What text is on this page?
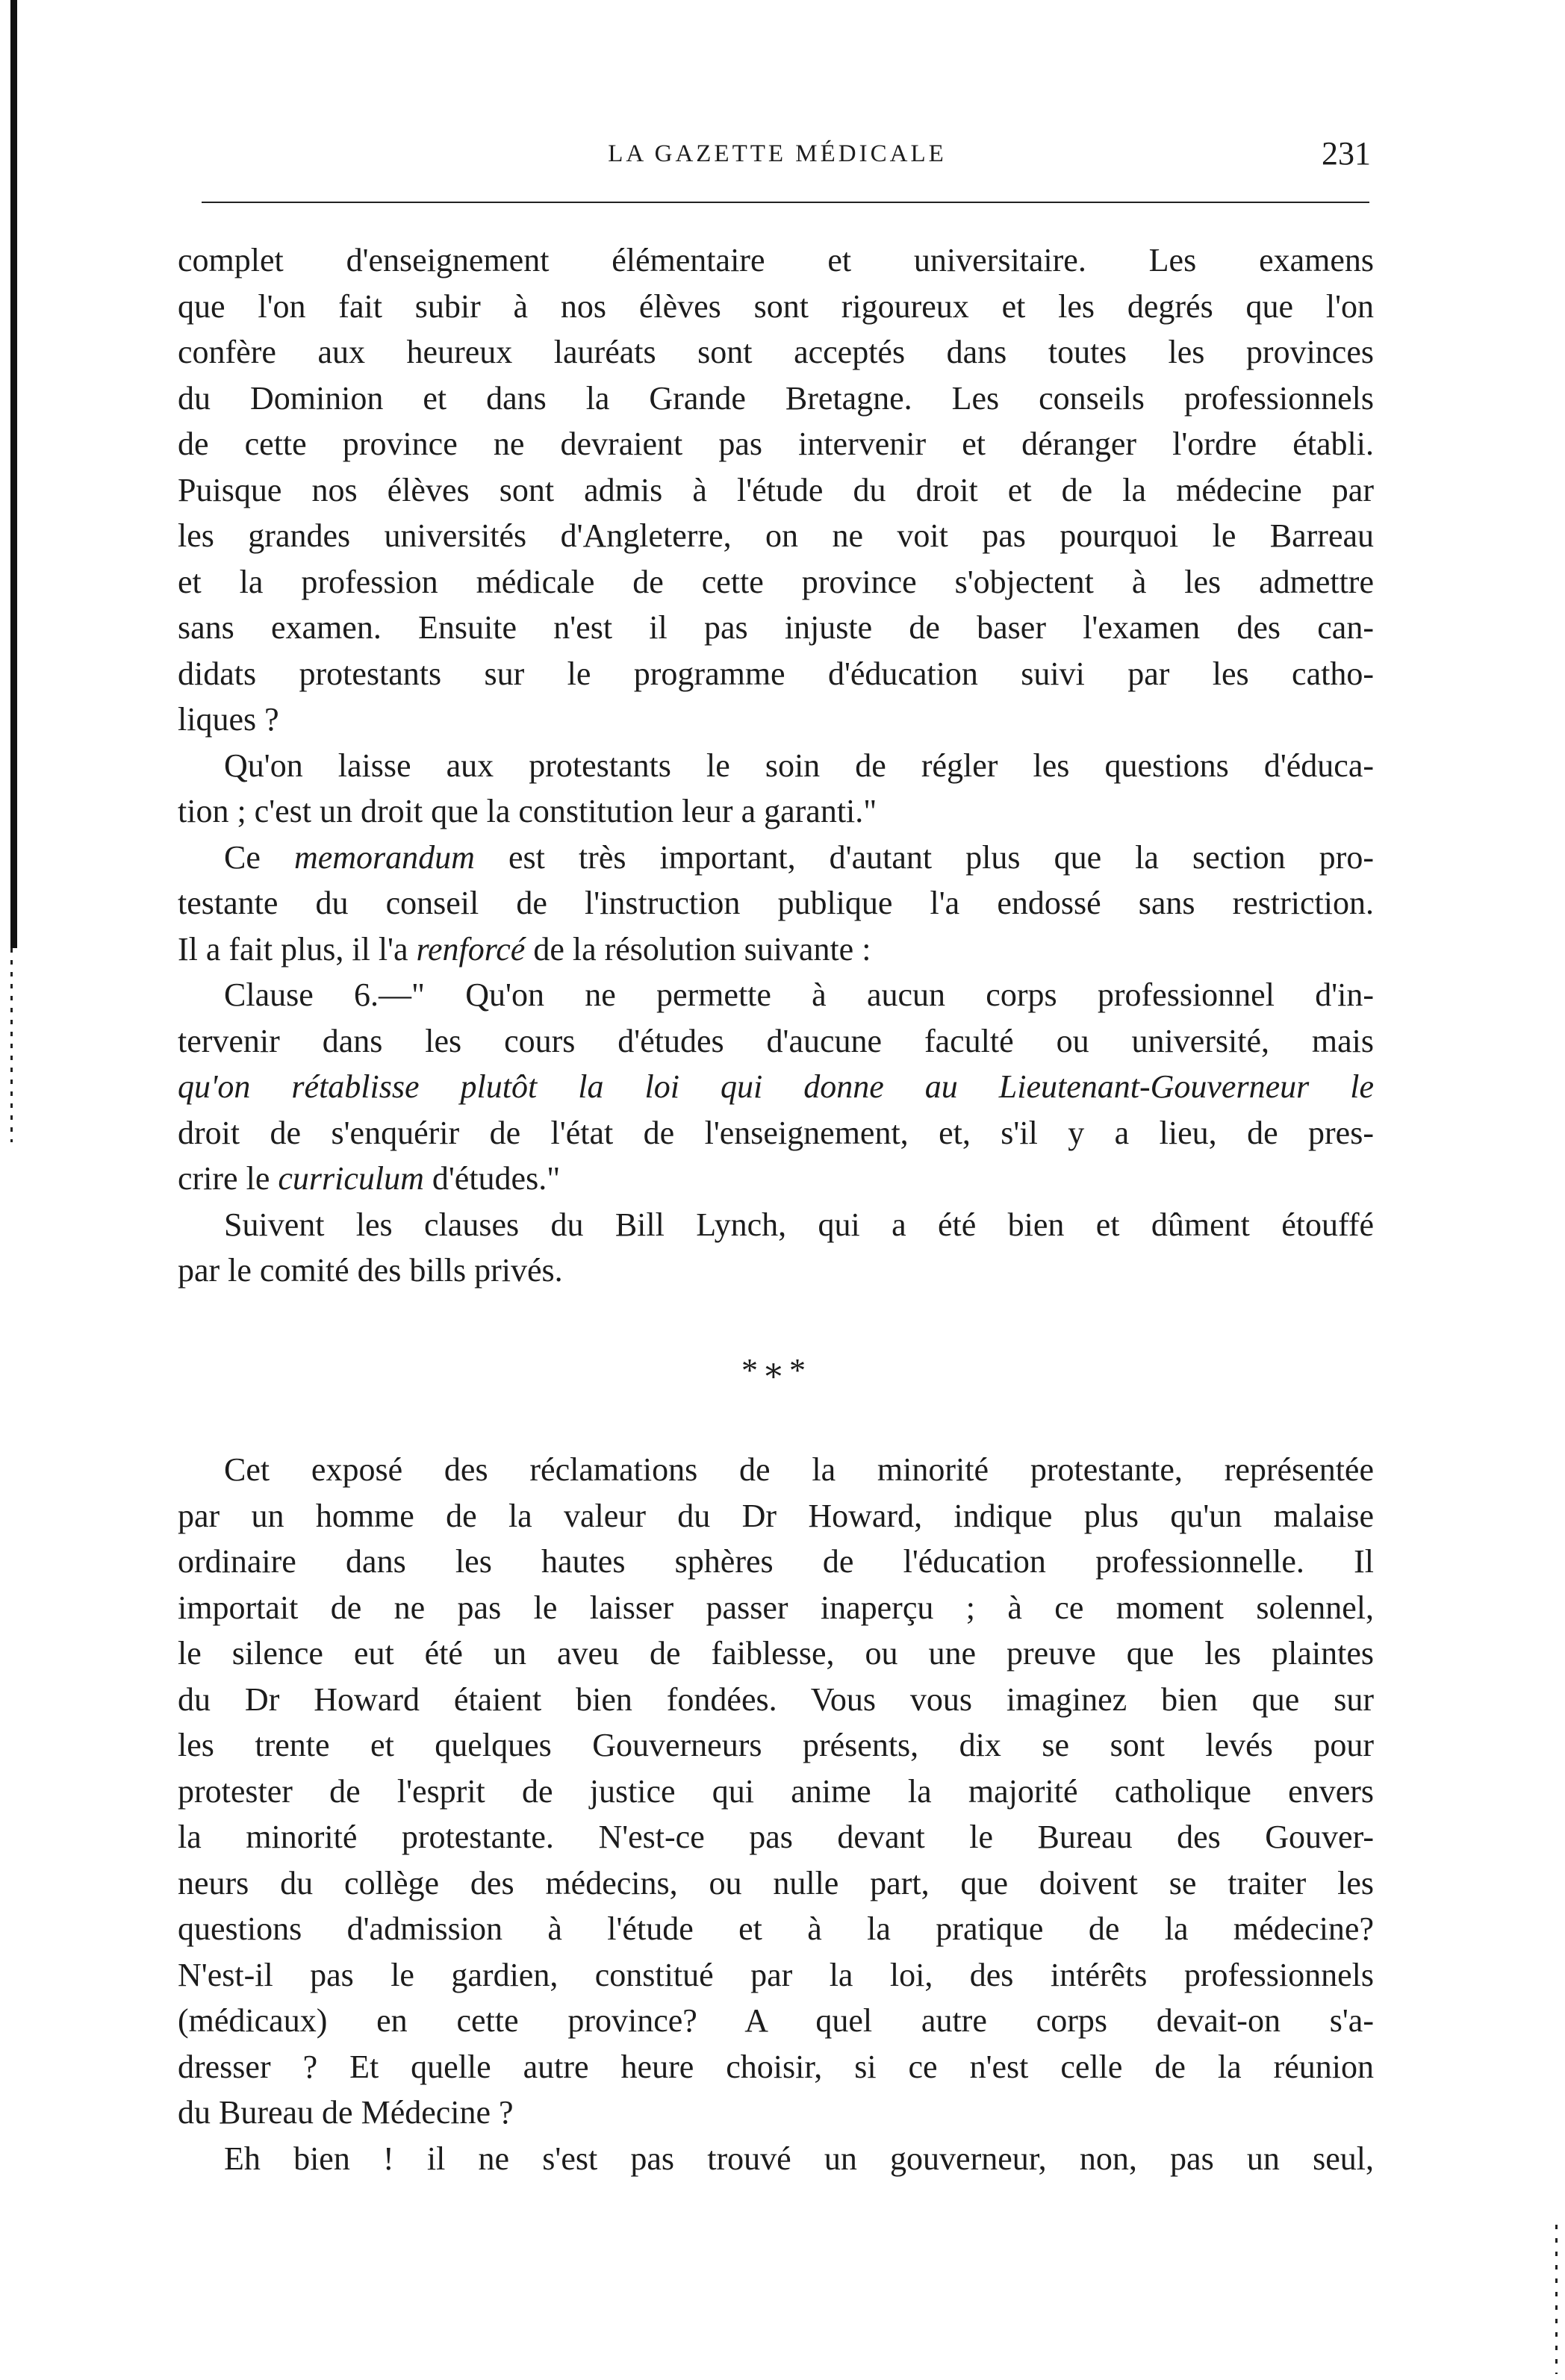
LA GAZETTE MÉDICALE	231
complet d'enseignement élémentaire et universitaire. Les examens
que l'on fait subir à nos élèves sont rigoureux et les degrés que l'on
confère aux heureux lauréats sont acceptés dans toutes les provinces
du Dominion et dans la Grande Bretagne. Les conseils professionnels
de cette province ne devraient pas intervenir et déranger l'ordre établi.
Puisque nos élèves sont admis à l'étude du droit et de la médecine par
les grandes universités d'Angleterre, on ne voit pas pourquoi le Barreau
et la profession médicale de cette province s'objectent à les admettre
sans examen. Ensuite n'est il pas injuste de baser l'examen des can-
didats protestants sur le programme d'éducation suivi par les catho-
liques ?
Qu'on laisse aux protestants le soin de régler les questions d'éduca-
tion ; c'est un droit que la constitution leur a garanti."
Ce memorandum est très important, d'autant plus que la section pro-
testante du conseil de l'instruction publique l'a endossé sans restriction.
Il a fait plus, il l'a renforcé de la résolution suivante :
Clause 6.—" Qu'on ne permette à aucun corps professionnel d'in-
tervenir dans les cours d'études d'aucune faculté ou université, mais
qu'on rétablisse plutôt la loi qui donne au Lieutenant-Gouverneur le
droit de s'enquérir de l'état de l'enseignement, et, s'il y a lieu, de pres-
crire le curriculum d'études."
Suivent les clauses du Bill Lynch, qui a été bien et dûment étouffé
par le comité des bills privés.
*∗*
Cet exposé des réclamations de la minorité protestante, représentée
par un homme de la valeur du Dr Howard, indique plus qu'un malaise
ordinaire dans les hautes sphères de l'éducation professionnelle. Il
importait de ne pas le laisser passer inaperçu ; à ce moment solennel,
le silence eut été un aveu de faiblesse, ou une preuve que les plaintes
du Dr Howard étaient bien fondées. Vous vous imaginez bien que sur
les trente et quelques Gouverneurs présents, dix se sont levés pour
protester de l'esprit de justice qui anime la majorité catholique envers
la minorité protestante. N'est-ce pas devant le Bureau des Gouver-
neurs du collège des médecins, ou nulle part, que doivent se traiter les
questions d'admission à l'étude et à la pratique de la médecine?
N'est-il pas le gardien, constitué par la loi, des intérêts professionnels
(médicaux) en cette province? A quel autre corps devait-on s'a-
dresser ? Et quelle autre heure choisir, si ce n'est celle de la réunion
du Bureau de Médecine ?
Eh bien ! il ne s'est pas trouvé un gouverneur, non, pas un seul,
